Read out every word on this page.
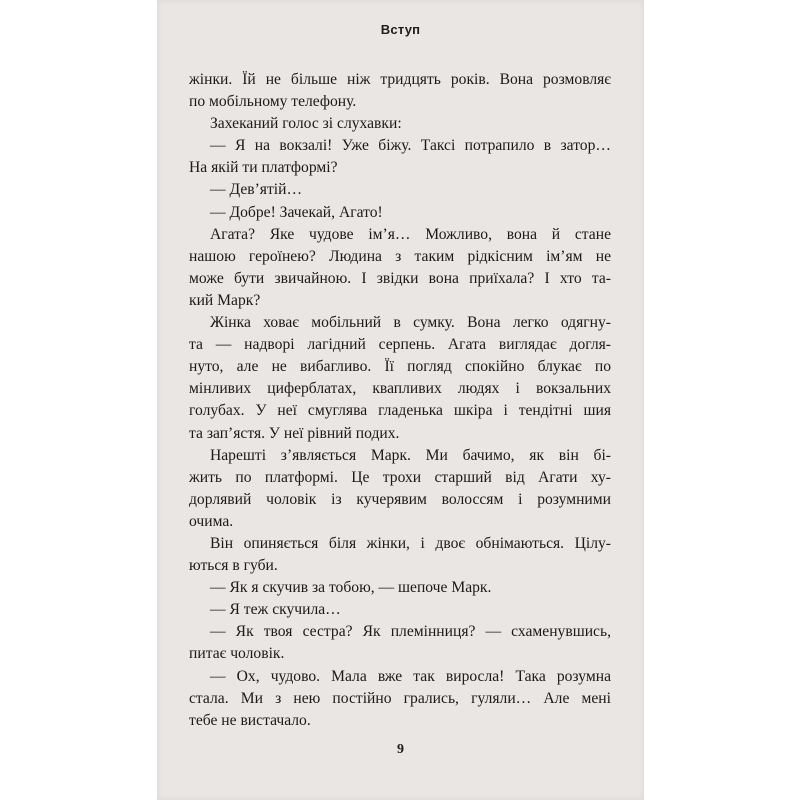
Вступ
жінки. Їй не більше ніж тридцять років. Вона розмовляє
по мобільному телефону.
Захеканий голос зі слухавки:
— Я на вокзалі! Уже біжу. Таксі потрапило в затор…
На якій ти платформі?
— Дев’ятій…
— Добре! Зачекай, Агато!
Агата? Яке чудове ім’я… Можливо, вона й стане
нашою героїнею? Людина з таким рідкісним ім’ям не
може бути звичайною. І звідки вона приїхала? І хто та-
кий Марк?
Жінка ховає мобільний в сумку. Вона легко одягну-
та — надворі лагідний серпень. Агата виглядає догля-
нуто, але не вибагливо. Її погляд спокійно блукає по
мінливих циферблатах, квапливих людях і вокзальних
голубах. У неї смуглява гладенька шкіра і тендітні шия
та зап’ястя. У неї рівний подих.
Нарешті з’являється Марк. Ми бачимо, як він бі-
жить по платформі. Це трохи старший від Агати ху-
дорлявий чоловік із кучерявим волоссям і розумними
очима.
Він опиняється біля жінки, і двоє обнімаються. Цілу-
ються в губи.
— Як я скучив за тобою, — шепоче Марк.
— Я теж скучила…
— Як твоя сестра? Як племінниця? — схаменувшись,
питає чоловік.
— Ох, чудово. Мала вже так виросла! Така розумна
стала. Ми з нею постійно грались, гуляли… Але мені
тебе не вистачало.
9
